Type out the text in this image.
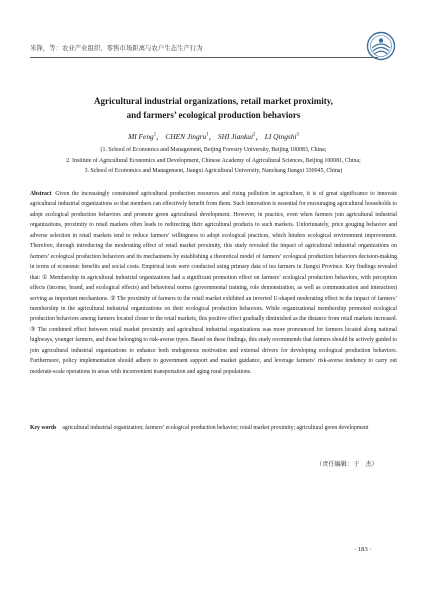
米锋，等：农业产业组织、零售市场距离与农户生态生产行为
Agricultural industrial organizations, retail market proximity,
and farmers’ ecological production behaviors
MI Feng$^1$， CHEN Jingru$^1$， SHI Jiankui$^2$， LI Qingshi$^3$
(1. School of Economics and Management, Beijing Forestry University, Beijing 100083, China;
2. Institute of Agricultural Economics and Development, Chinese Academy of Agricultural Sciences, Beijing 100081, China;
3. School of Economics and Management, Jiangxi Agricultural University, Nanchang Jiangxi 330045, China)
Abstract Given the increasingly constrained agricultural production resources and rising pollution in agriculture, it is of great significance to innovate agricultural industrial organizations so that members can effectively benefit from them. Such innovation is essential for encouraging agricultural households to adopt ecological production behaviors and promote green agricultural development. However, in practice, even when farmers join agricultural industrial organizations, proximity to retail markets often leads to redirecting their agricultural products to such markets. Unfortunately, price gouging behavior and adverse selection in retail markets tend to reduce farmers’ willingness to adopt ecological practices, which hinders ecological environment improvement. Therefore, through introducing the moderating effect of retail market proximity, this study revealed the impact of agricultural industrial organizations on farmers’ ecological production behaviors and its mechanisms by establishing a theoretical model of farmers’ ecological production behaviors decision-making in terms of economic benefits and social costs. Empirical tests were conducted using primary data of tea farmers in Jiangxi Province. Key findings revealed that: ① Membership in agricultural industrial organizations had a significant promotion effect on farmers’ ecological production behaviors, with perception effects (income, brand, and ecological effects) and behavioral norms (governmental training, role demonstration, as well as communication and interaction) serving as important mechanisms. ② The proximity of farmers to the retail market exhibited an inverted U-shaped moderating effect in the impact of farmers’ membership in the agricultural industrial organizations on their ecological production behaviors. While organizational membership promoted ecological production behaviors among farmers located closer to the retail markets, this positive effect gradually diminished as the distance from retail markets increased. ③ The combined effect between retail market proximity and agricultural industrial organizations was more pronounced for farmers located along national highways, younger farmers, and those belonging to risk-averse types. Based on these findings, this study recommends that farmers should be actively guided to join agricultural industrial organizations to enhance both endogenous motivation and external drivers for developing ecological production behaviors. Furthermore, policy implementation should adhere to government support and market guidance, and leverage farmers’ risk-averse tendency to carry out moderate-scale operations in areas with inconvenient transportation and aging rural populations.
Key words agricultural industrial organization; farmers’ ecological production behavior; retail market proximity; agricultural green development
（责任编辑：于　杰）
· 183 ·
